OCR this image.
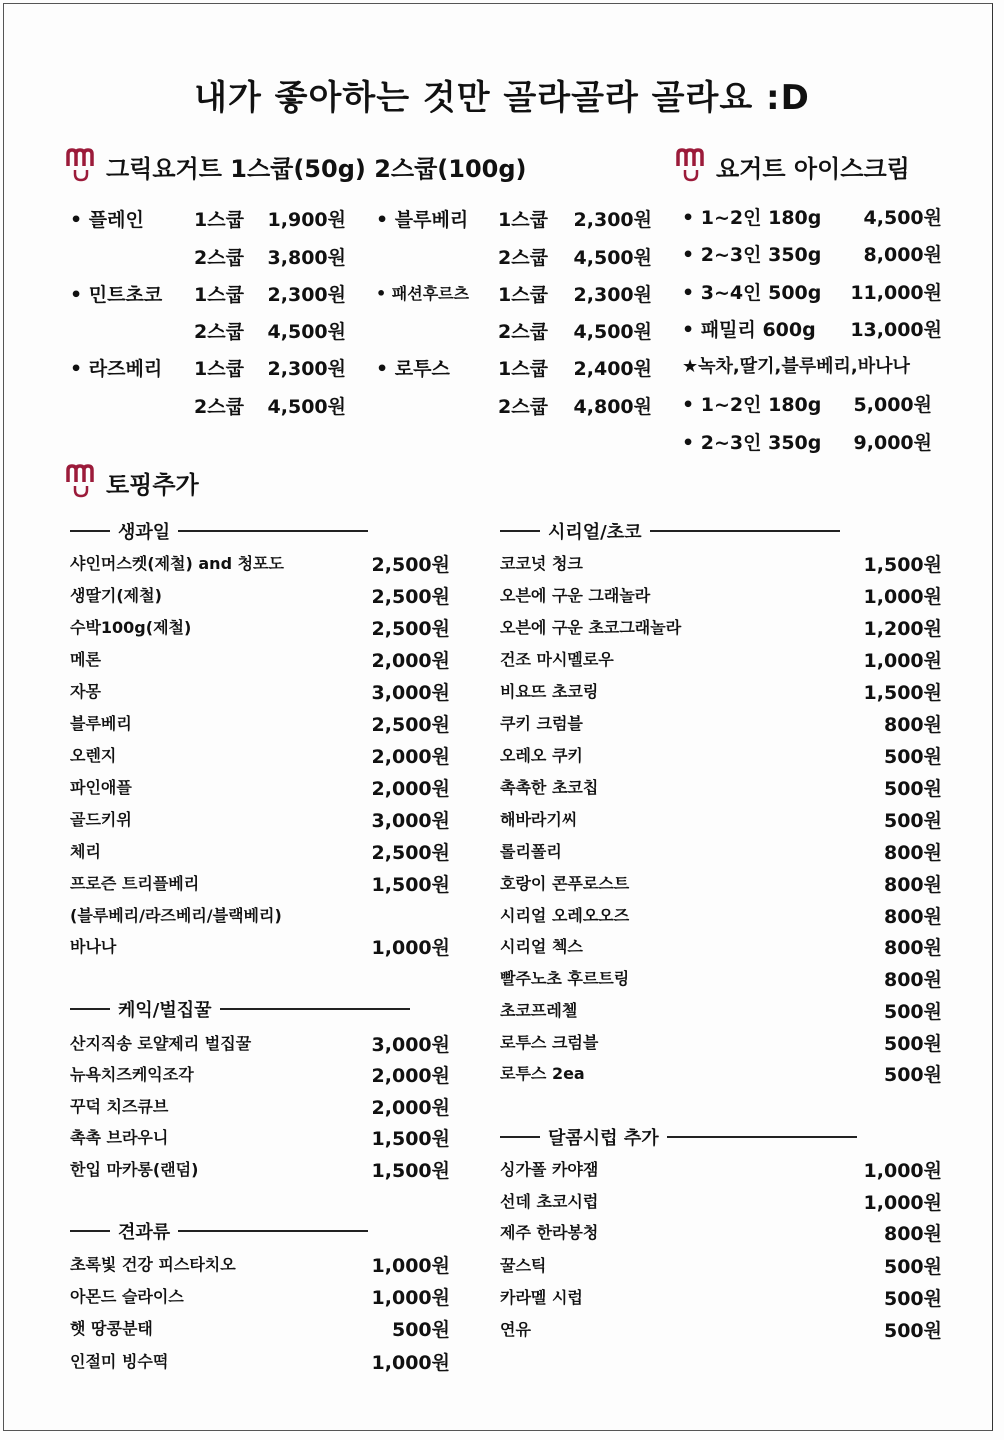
내가 좋아하는 것만 골라골라 골라요 :D
그릭요거트 1스쿱(50g) 2스쿱(100g)	요거트 아이스크림
• 플레인	1스쿱	1,900원
2스쿱	3,800원
• 민트초코 1스쿱	2,300원
2스쿱	4,500원
• 라즈베리 1스쿱	2,300원
2스쿱	4,500원
• 블루베리 1스쿱	2,300원
2스쿱	4,500원
• 패션후르츠 1스쿱	2,300원
2스쿱	4,500원
• 로투스	1스쿱	2,400원
2스쿱	4,800원
• 1~2인 180g	4,500원
• 2~3인 350g	8,000원
• 3~4인 500g	11,000원
• 패밀리 600g	13,000원
★녹차,딸기,블루베리,바나나
• 1~2인 180g	5,000원
• 2~3인 350g	9,000원
토핑추가
생과일
샤인머스켓(제철) and 청포도	2,500원
생딸기(제철)	2,500원
수박100g(제철)	2,500원
메론	2,000원
자몽	3,000원
블루베리	2,500원
오렌지	2,000원
파인애플	2,000원
골드키위	3,000원
체리	2,500원
프로즌 트리플베리	1,500원
(블루베리/라즈베리/블랙베리)
바나나	1,000원
케익/벌집꿀
산지직송 로얄제리 벌집꿀	3,000원
뉴욕치즈케익조각	2,000원
꾸덕 치즈큐브	2,000원
촉촉 브라우니	1,500원
한입 마카롱(랜덤)	1,500원
견과류
초록빛 건강 피스타치오	1,000원
아몬드 슬라이스	1,000원
햇 땅콩분태	500원
인절미 빙수떡	1,000원
시리얼/초코
코코넛 청크	1,500원
오븐에 구운 그래놀라	1,000원
오븐에 구운 초코그래놀라	1,200원
건조 마시멜로우	1,000원
비요뜨 초코링	1,500원
쿠키 크럼블	800원
오레오 쿠키	500원
촉촉한 초코칩	500원
해바라기씨	500원
롤리폴리	800원
호랑이 콘푸로스트	800원
시리얼 오레오오즈	800원
시리얼 첵스	800원
빨주노초 후르트링	800원
초코프레첼	500원
로투스 크럼블	500원
로투스 2ea	500원
달콤시럽 추가
싱가폴 카야잼	1,000원
선데 초코시럽	1,000원
제주 한라봉청	800원
꿀스틱	500원
카라멜 시럽	500원
연유	500원
